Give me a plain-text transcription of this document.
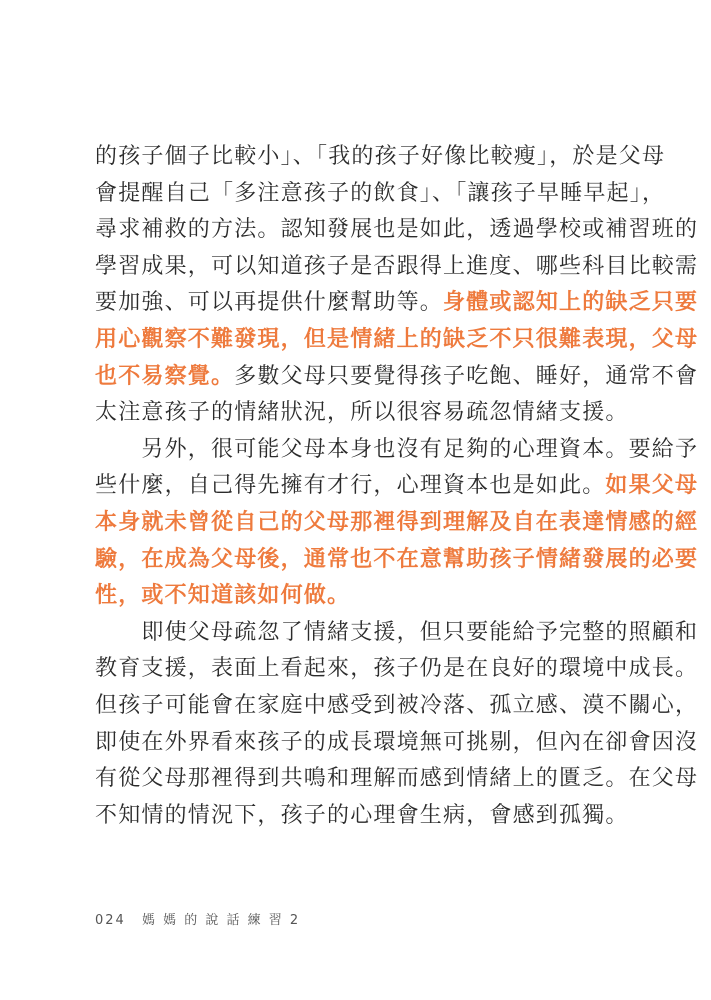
的孩子個子比較小」、「我的孩子好像比較瘦」，於是父母
會提醒自己「多注意孩子的飲食」、「讓孩子早睡早起」，
尋求補救的方法。認知發展也是如此，透過學校或補習班的
學習成果，可以知道孩子是否跟得上進度、哪些科目比較需
要加強、可以再提供什麼幫助等。身體或認知上的缺乏只要
用心觀察不難發現，但是情緒上的缺乏不只很難表現，父母
也不易察覺。多數父母只要覺得孩子吃飽、睡好，通常不會
太注意孩子的情緒狀況，所以很容易疏忽情緒支援。
　　另外，很可能父母本身也沒有足夠的心理資本。要給予
些什麼，自己得先擁有才行，心理資本也是如此。如果父母
本身就未曾從自己的父母那裡得到理解及自在表達情感的經
驗，在成為父母後，通常也不在意幫助孩子情緒發展的必要
性，或不知道該如何做。
　　即使父母疏忽了情緒支援，但只要能給予完整的照顧和
教育支援，表面上看起來，孩子仍是在良好的環境中成長。
但孩子可能會在家庭中感受到被冷落、孤立感、漠不關心，
即使在外界看來孩子的成長環境無可挑剔，但內在卻會因沒
有從父母那裡得到共鳴和理解而感到情緒上的匱乏。在父母
不知情的情況下，孩子的心理會生病，會感到孤獨。
024 媽 媽 的 說 話 練 習 2
